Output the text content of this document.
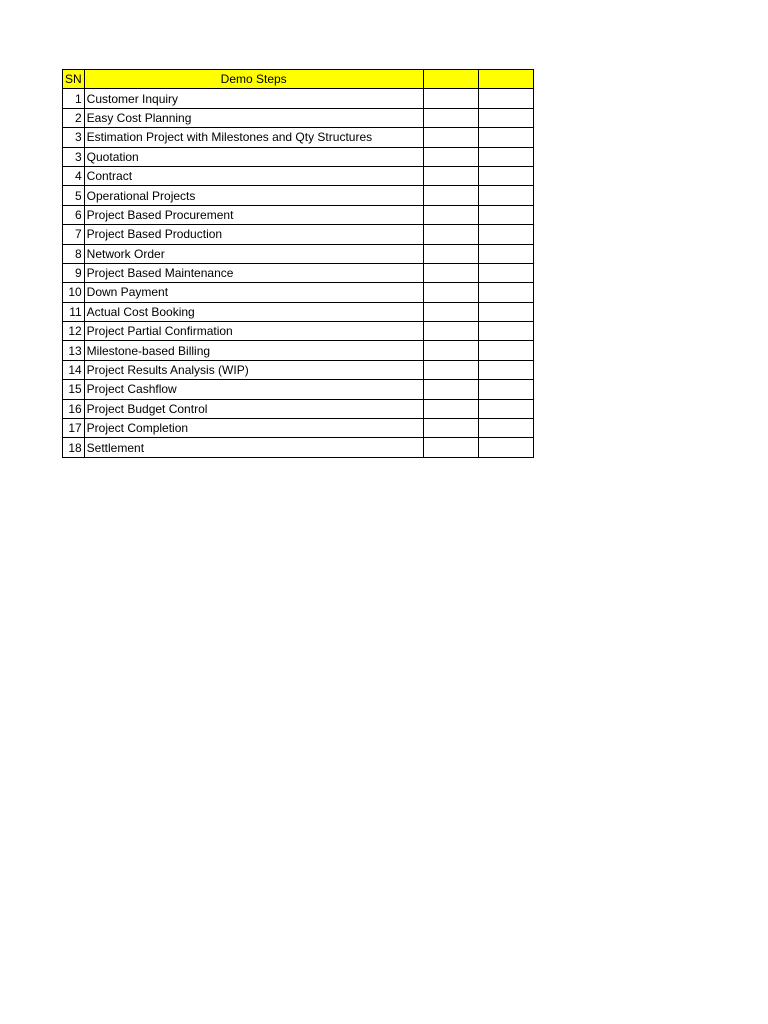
SN	Demo Steps		
1	Customer Inquiry		
2	Easy Cost Planning		
3	Estimation Project with Milestones and Qty Structures		
3	Quotation		
4	Contract		
5	Operational Projects		
6	Project Based Procurement		
7	Project Based Production		
8	Network Order		
9	Project Based Maintenance		
10	Down Payment		
11	Actual Cost Booking		
12	Project Partial Confirmation		
13	Milestone-based Billing		
14	Project Results Analysis (WIP)		
15	Project Cashflow		
16	Project Budget Control		
17	Project Completion		
18	Settlement		
